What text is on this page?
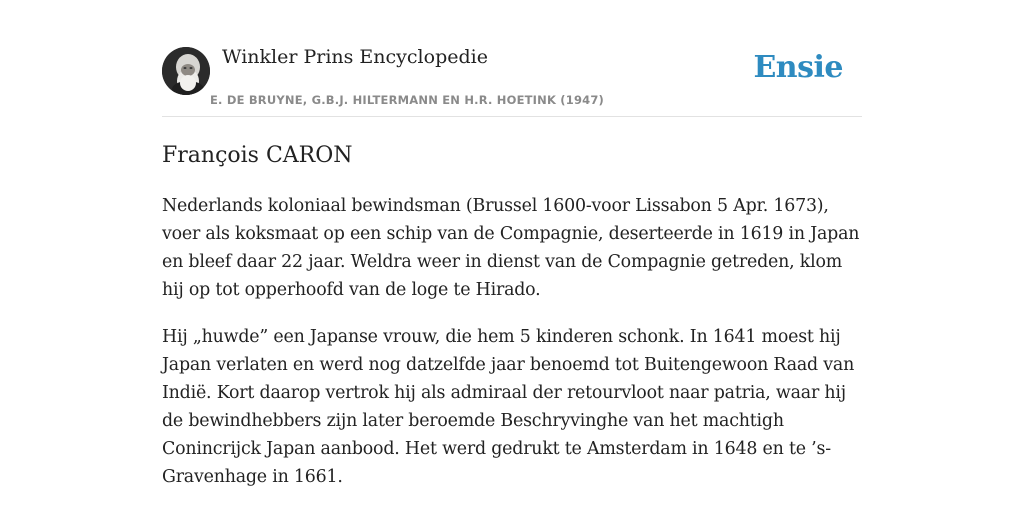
Winkler Prins Encyclopedie
E. DE BRUYNE, G.B.J. HILTERMANN EN H.R. HOETINK (1947)
Ensie
François CARON

Nederlands koloniaal bewindsman (Brussel 1600-voor Lissabon 5 Apr. 1673), voer als koksmaat op een schip van de Compagnie, deserteerde in 1619 in Japan en bleef daar 22 jaar. Weldra weer in dienst van de Compagnie getreden, klom hij op tot opperhoofd van de loge te Hirado.

Hij „huwde” een Japanse vrouw, die hem 5 kinderen schonk. In 1641 moest hij Japan verlaten en werd nog datzelfde jaar benoemd tot Buitengewoon Raad van Indië. Kort daarop vertrok hij als admiraal der retourvloot naar patria, waar hij de bewindhebbers zijn later beroemde Beschryvinghe van het machtigh Conincrijck Japan aanbood. Het werd gedrukt te Amsterdam in 1648 en te ’s-Gravenhage in 1661.
